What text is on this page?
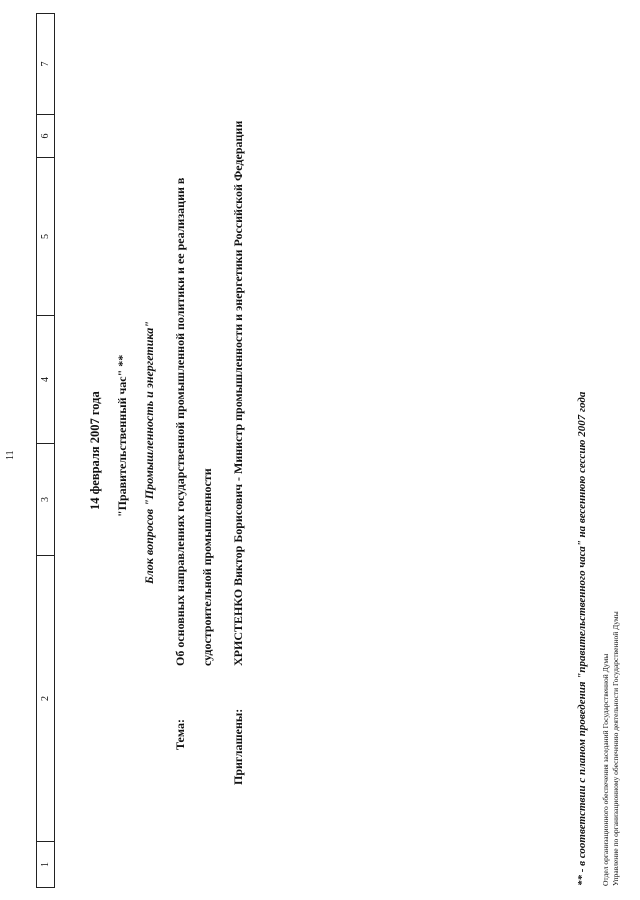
11
1
2
3
4
5
6
7
14 февраля 2007 года "Правительственный час" ** Блок вопросов "Промышленность и энергетика"
Тема:
Об основных направлениях государственной промышленной политики и ее реализации в судостроительной промышленности
Приглашены:
ХРИСТЕНКО Виктор Борисович - Министр промышленности и энергетики Российской Федерации	** - в соответствии с планом проведения "правительственного часа" на весеннюю сессию 2007 года Отдел организационного обеспечения заседаний Государственной Думы Управление по организационному обеспечению деятельности Государственной Думы
